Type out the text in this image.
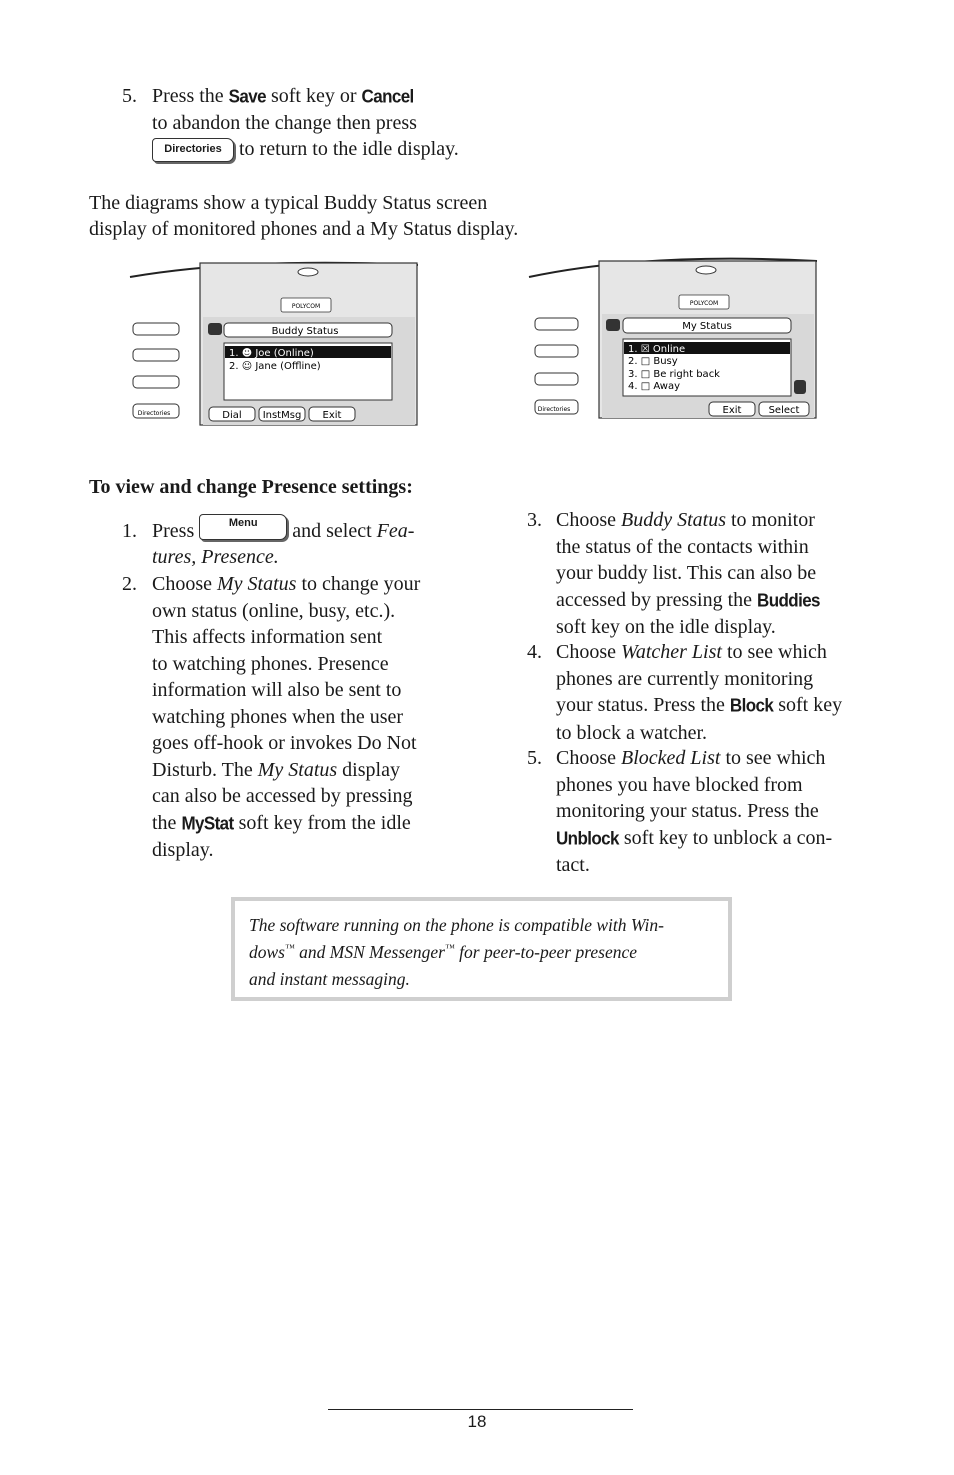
5. Press the Save soft key or Cancel
to abandon the change then press
Directories to return to the idle display.
The diagrams show a typical Buddy Status screen
display of monitored phones and a My Status display.
POLYCOM
Buddy Status
1. ☻ Joe (Online)
2. ☺ Jane (Offline)
Dial InstMsg Exit
Directories
POLYCOM
My Status
1. ☒ Online
2. □ Busy
3. □ Be right back
4. □ Away
Exit	Select
Directories
To view and change Presence settings:
1. Press	Menu and select Fea-
tures, Presence.
2. Choose My Status to change your
own status (online, busy, etc.).
This affects information sent
to watching phones. Presence
information will also be sent to
watching phones when the user
goes off-hook or invokes Do Not
Disturb. The My Status display
can also be accessed by pressing
the MyStat soft key from the idle
display.
3. Choose Buddy Status to monitor
the status of the contacts within
your buddy list. This can also be
accessed by pressing the Buddies
soft key on the idle display.
4. Choose Watcher List to see which
phones are currently monitoring
your status. Press the Block soft key
to block a watcher.
5. Choose Blocked List to see which
phones you have blocked from
monitoring your status. Press the
Unblock soft key to unblock a con-
tact.
The software running on the phone is compatible with Win-
dows™ and MSN Messenger™ for peer-to-peer presence
and instant messaging.
18
